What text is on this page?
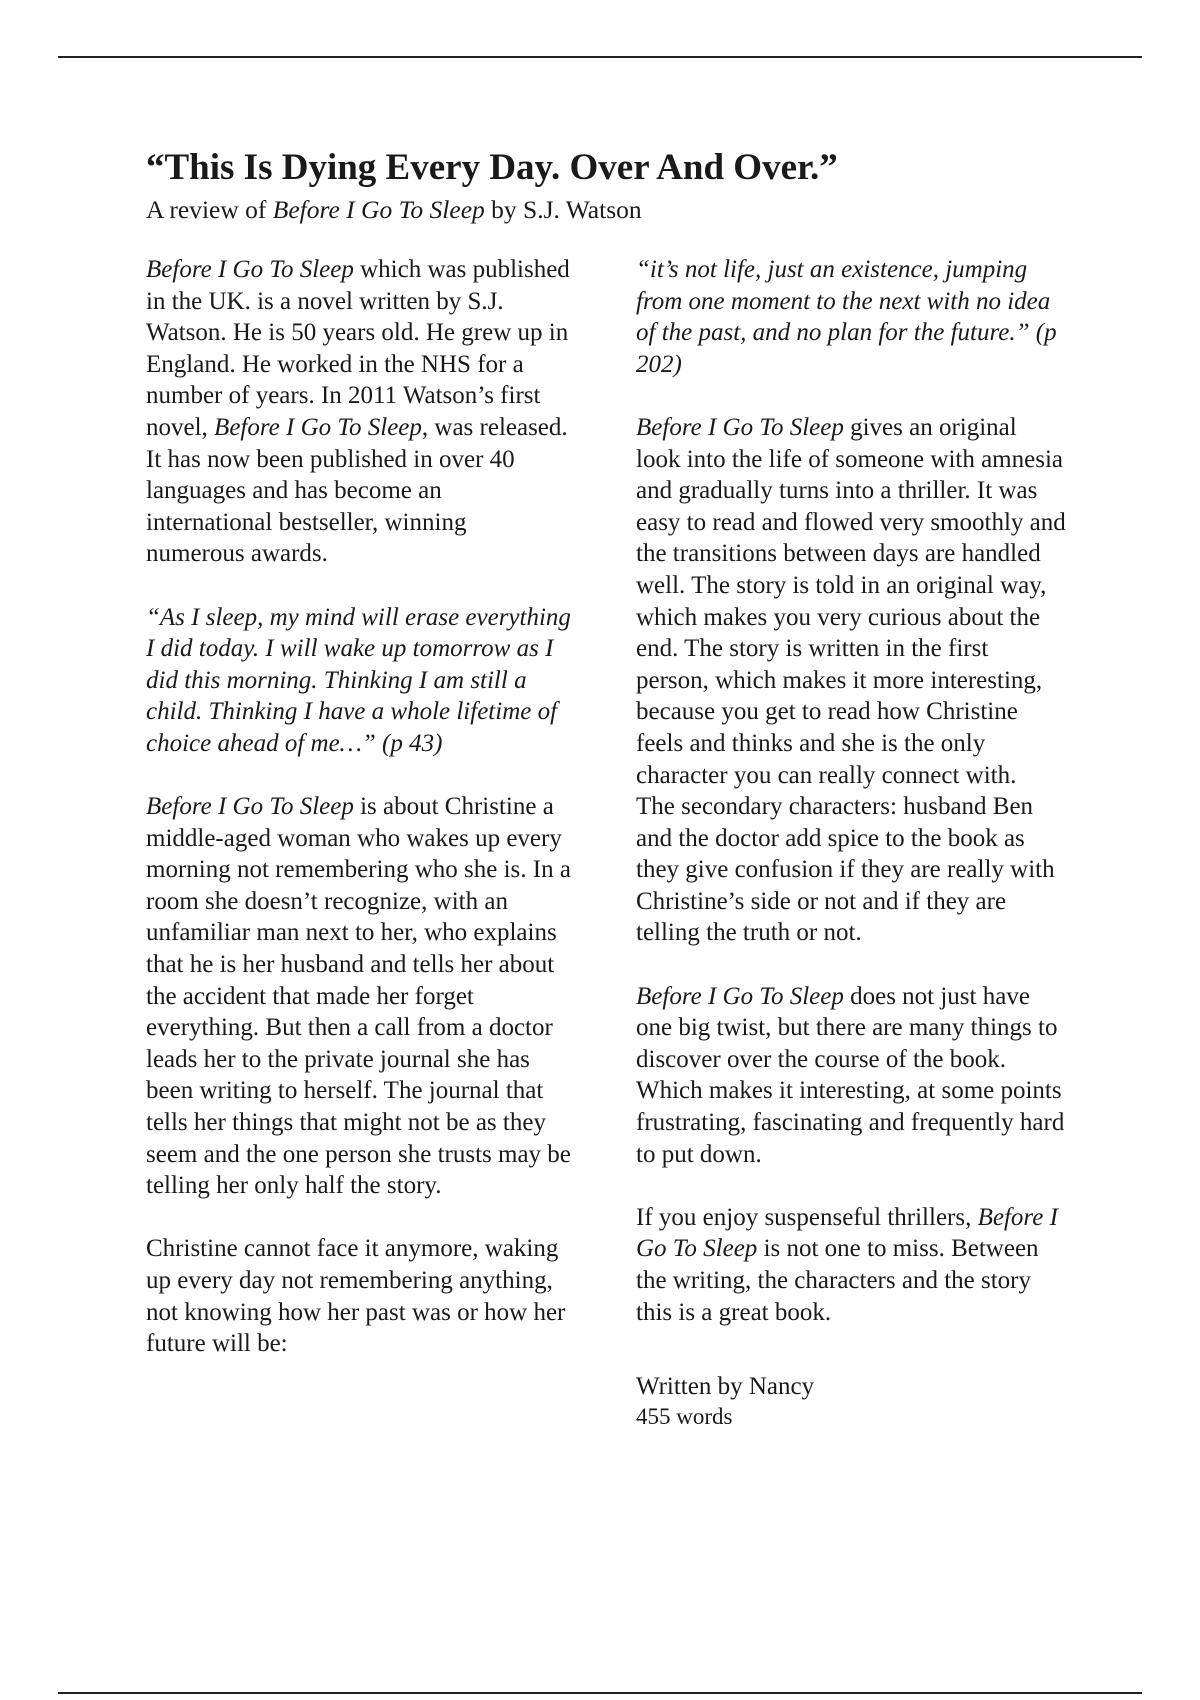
“This Is Dying Every Day. Over And Over.”

A review of Before I Go To Sleep by S.J. Watson

Before I Go To Sleep which was published in the UK. is a novel written by S.J. Watson. He is 50 years old. He grew up in England. He worked in the NHS for a number of years. In 2011 Watson’s first novel, Before I Go To Sleep, was released. It has now been published in over 40 languages and has become an international bestseller, winning numerous awards.

“As I sleep, my mind will erase everything I did today. I will wake up tomorrow as I did this morning. Thinking I am still a child. Thinking I have a whole lifetime of choice ahead of me…” (p 43)

Before I Go To Sleep is about Christine a middle-aged woman who wakes up every morning not remembering who she is. In a room she doesn’t recognize, with an unfamiliar man next to her, who explains that he is her husband and tells her about the accident that made her forget everything. But then a call from a doctor leads her to the private journal she has been writing to herself. The journal that tells her things that might not be as they seem and the one person she trusts may be telling her only half the story.

Christine cannot face it anymore, waking up every day not remembering anything, not knowing how her past was or how her future will be:

“it’s not life, just an existence, jumping from one moment to the next with no idea of the past, and no plan for the future.” (p 202)

Before I Go To Sleep gives an original look into the life of someone with amnesia and gradually turns into a thriller. It was easy to read and flowed very smoothly and the transitions between days are handled well. The story is told in an original way, which makes you very curious about the end. The story is written in the first person, which makes it more interesting, because you get to read how Christine feels and thinks and she is the only character you can really connect with.

The secondary characters: husband Ben and the doctor add spice to the book as they give confusion if they are really with Christine’s side or not and if they are telling the truth or not.

Before I Go To Sleep does not just have one big twist, but there are many things to discover over the course of the book. Which makes it interesting, at some points frustrating, fascinating and frequently hard to put down.

If you enjoy suspenseful thrillers, Before I Go To Sleep is not one to miss. Between the writing, the characters and the story this is a great book.

Written by Nancy

455 words
